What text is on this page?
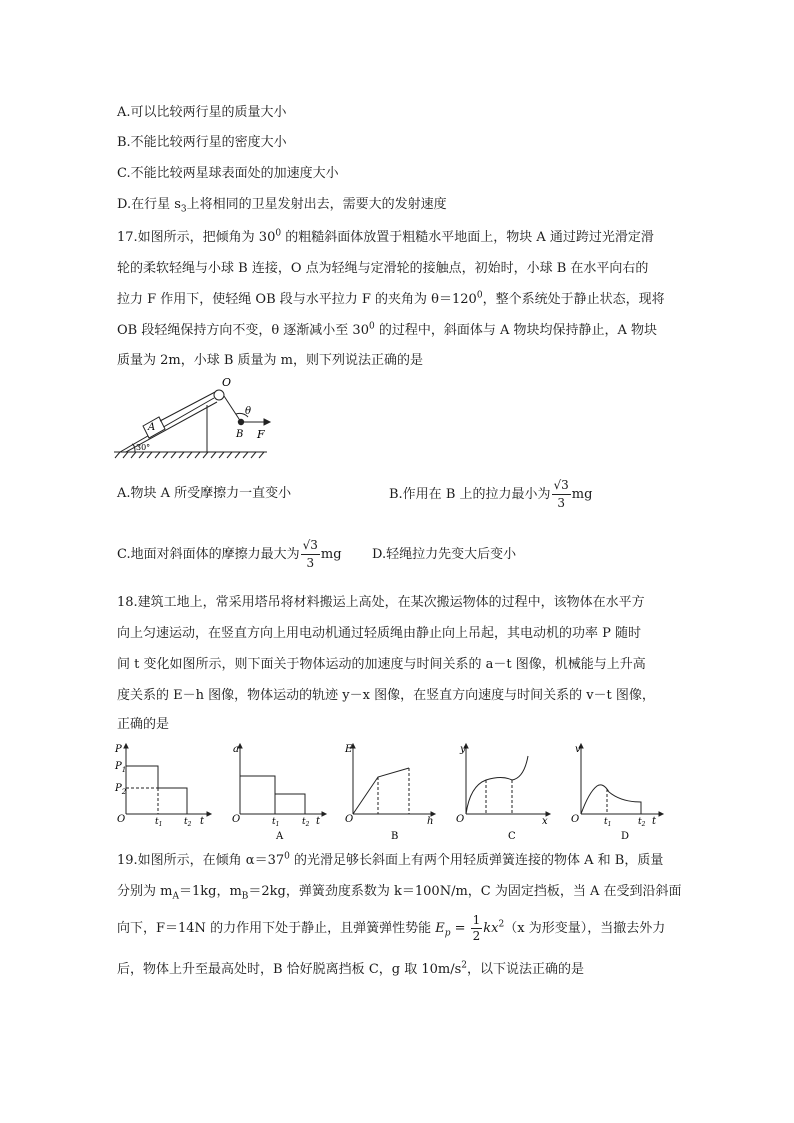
A.可以比较两行星的质量大小
B.不能比较两行星的密度大小
C.不能比较两星球表面处的加速度大小
D.在行星 $s_3$上将相同的卫星发射出去，需要大的发射速度
17.如图所示，把倾角为 $30^0$ 的粗糙斜面体放置于粗糙水平地面上，物块 A 通过跨过光滑定滑
轮的柔软轻绳与小球 B 连接，O 点为轻绳与定滑轮的接触点，初始时，小球 B 在水平向右的
拉力 F 作用下，使轻绳 OB 段与水平拉力 F 的夹角为 $\theta=120^0$，整个系统处于静止状态，现将
OB 段轻绳保持方向不变，θ 逐渐减小至 $30^0$ 的过程中，斜面体与 A 物块均保持静止，A 物块
质量为 2m，小球 B 质量为 m，则下列说法正确的是
O
A
B F
θ
30°
A.物块 A 所受摩擦力一直变小	B.作用在 B 上的拉力最小为 $\frac{√3}{3}$ mg
C.地面对斜面体的摩擦力最大为 $\frac{√3}{3}$ mg D.轻绳拉力先变大后变小
18.建筑工地上，常采用塔吊将材料搬运上高处，在某次搬运物体的过程中，该物体在水平方
向上匀速运动，在竖直方向上用电动机通过轻质绳由静止向上吊起，其电动机的功率 P 随时
间 t 变化如图所示，则下面关于物体运动的加速度与时间关系的 a－t 图像，机械能与上升高
度关系的 E－h 图像，物体运动的轨迹 y－x 图像，在竖直方向速度与时间关系的 v－t 图像，
正确的是
P
$P_1$
$P_2$
O	$t_1$ $t_2$ t
a
O	$t_1$	$t_2$ t
A
E
O	h
B
y
O	x
C
v
O	$t_1$	$t_2$ t
D
19.如图所示，在倾角 $\alpha=37^0$ 的光滑足够长斜面上有两个用轻质弹簧连接的物体 A 和 B，质量
分别为 $m_A=1kg$，$m_B=2kg$，弹簧劲度系数为 k＝100N/m，C 为固定挡板，当 A 在受到沿斜面
向下，F＝14N 的力作用下处于静止，且弹簧弹性势能 $E_p = \frac{1}{2} kx^2(x$ 为形变量），当撤去外力
后，物体上升至最高处时，B 恰好脱离挡板 C，g 取 $10m/s^2$，以下说法正确的是
